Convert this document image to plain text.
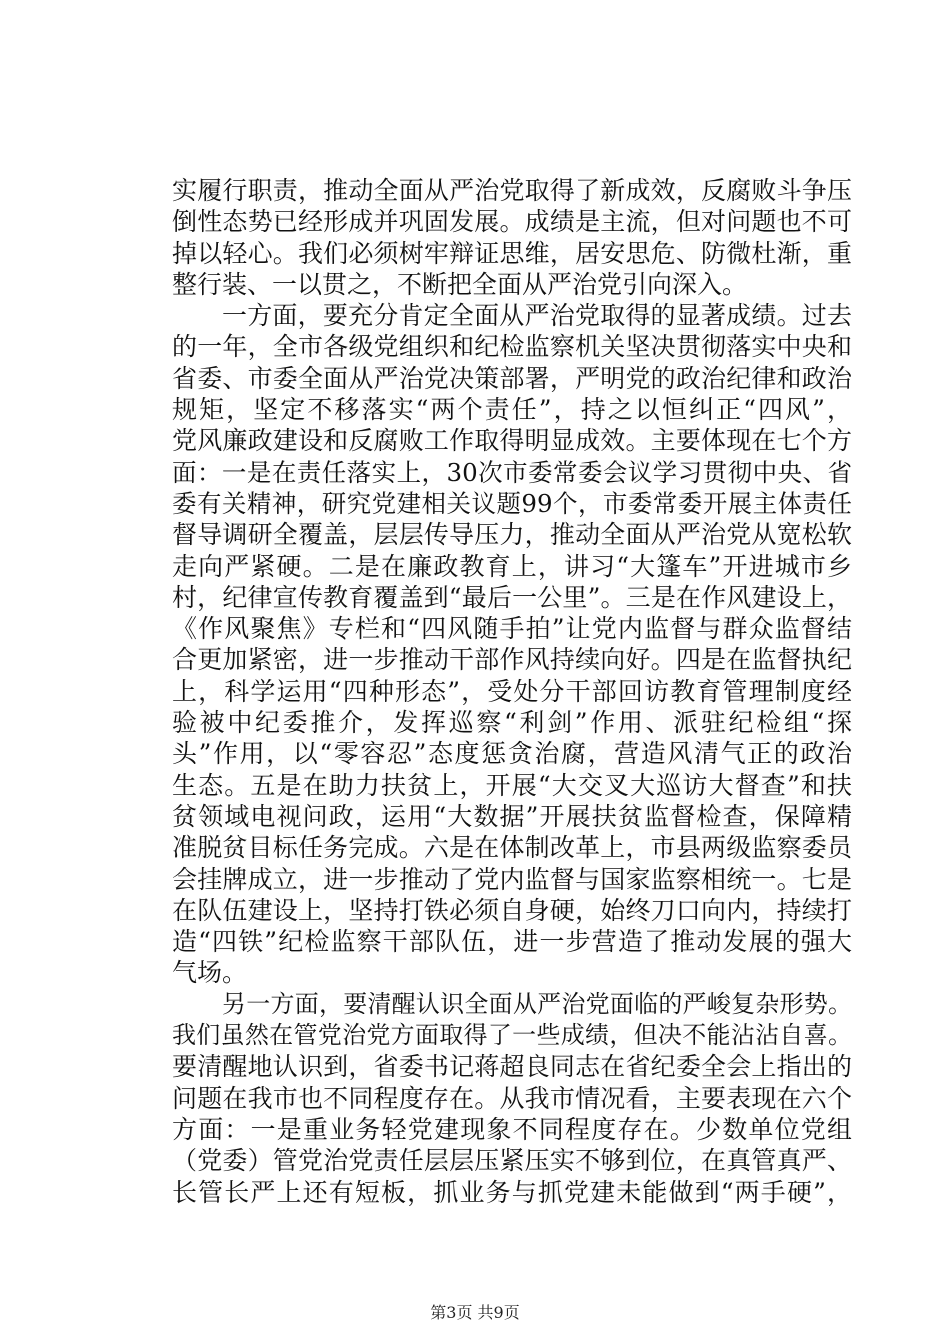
实履行职责，推动全面从严治党取得了新成效，反腐败斗争压
倒性态势已经形成并巩固发展。成绩是主流，但对问题也不可
掉以轻心。我们必须树牢辩证思维，居安思危、防微杜渐，重
整行装、一以贯之，不断把全面从严治党引向深入。
一方面，要充分肯定全面从严治党取得的显著成绩。过去
的一年，全市各级党组织和纪检监察机关坚决贯彻落实中央和
省委、市委全面从严治党决策部署，严明党的政治纪律和政治
规矩，坚定不移落实“两个责任”，持之以恒纠正“四风”，
党风廉政建设和反腐败工作取得明显成效。主要体现在七个方
面：一是在责任落实上，30次市委常委会议学习贯彻中央、省
委有关精神，研究党建相关议题99个，市委常委开展主体责任
督导调研全覆盖，层层传导压力，推动全面从严治党从宽松软
走向严紧硬。二是在廉政教育上，讲习“大篷车”开进城市乡
村，纪律宣传教育覆盖到“最后一公里”。三是在作风建设上，
《作风聚焦》专栏和“四风随手拍”让党内监督与群众监督结
合更加紧密，进一步推动干部作风持续向好。四是在监督执纪
上，科学运用“四种形态”，受处分干部回访教育管理制度经
验被中纪委推介，发挥巡察“利剑”作用、派驻纪检组“探
头”作用，以“零容忍”态度惩贪治腐，营造风清气正的政治
生态。五是在助力扶贫上，开展“大交叉大巡访大督查”和扶
贫领域电视问政，运用“大数据”开展扶贫监督检查，保障精
准脱贫目标任务完成。六是在体制改革上，市县两级监察委员
会挂牌成立，进一步推动了党内监督与国家监察相统一。七是
在队伍建设上，坚持打铁必须自身硬，始终刀口向内，持续打
造“四铁”纪检监察干部队伍，进一步营造了推动发展的强大
气场。
另一方面，要清醒认识全面从严治党面临的严峻复杂形势。
我们虽然在管党治党方面取得了一些成绩，但决不能沾沾自喜。
要清醒地认识到，省委书记蒋超良同志在省纪委全会上指出的
问题在我市也不同程度存在。从我市情况看，主要表现在六个
方面：一是重业务轻党建现象不同程度存在。少数单位党组
（党委）管党治党责任层层压紧压实不够到位，在真管真严、
长管长严上还有短板，抓业务与抓党建未能做到“两手硬”，
第3页 共9页
